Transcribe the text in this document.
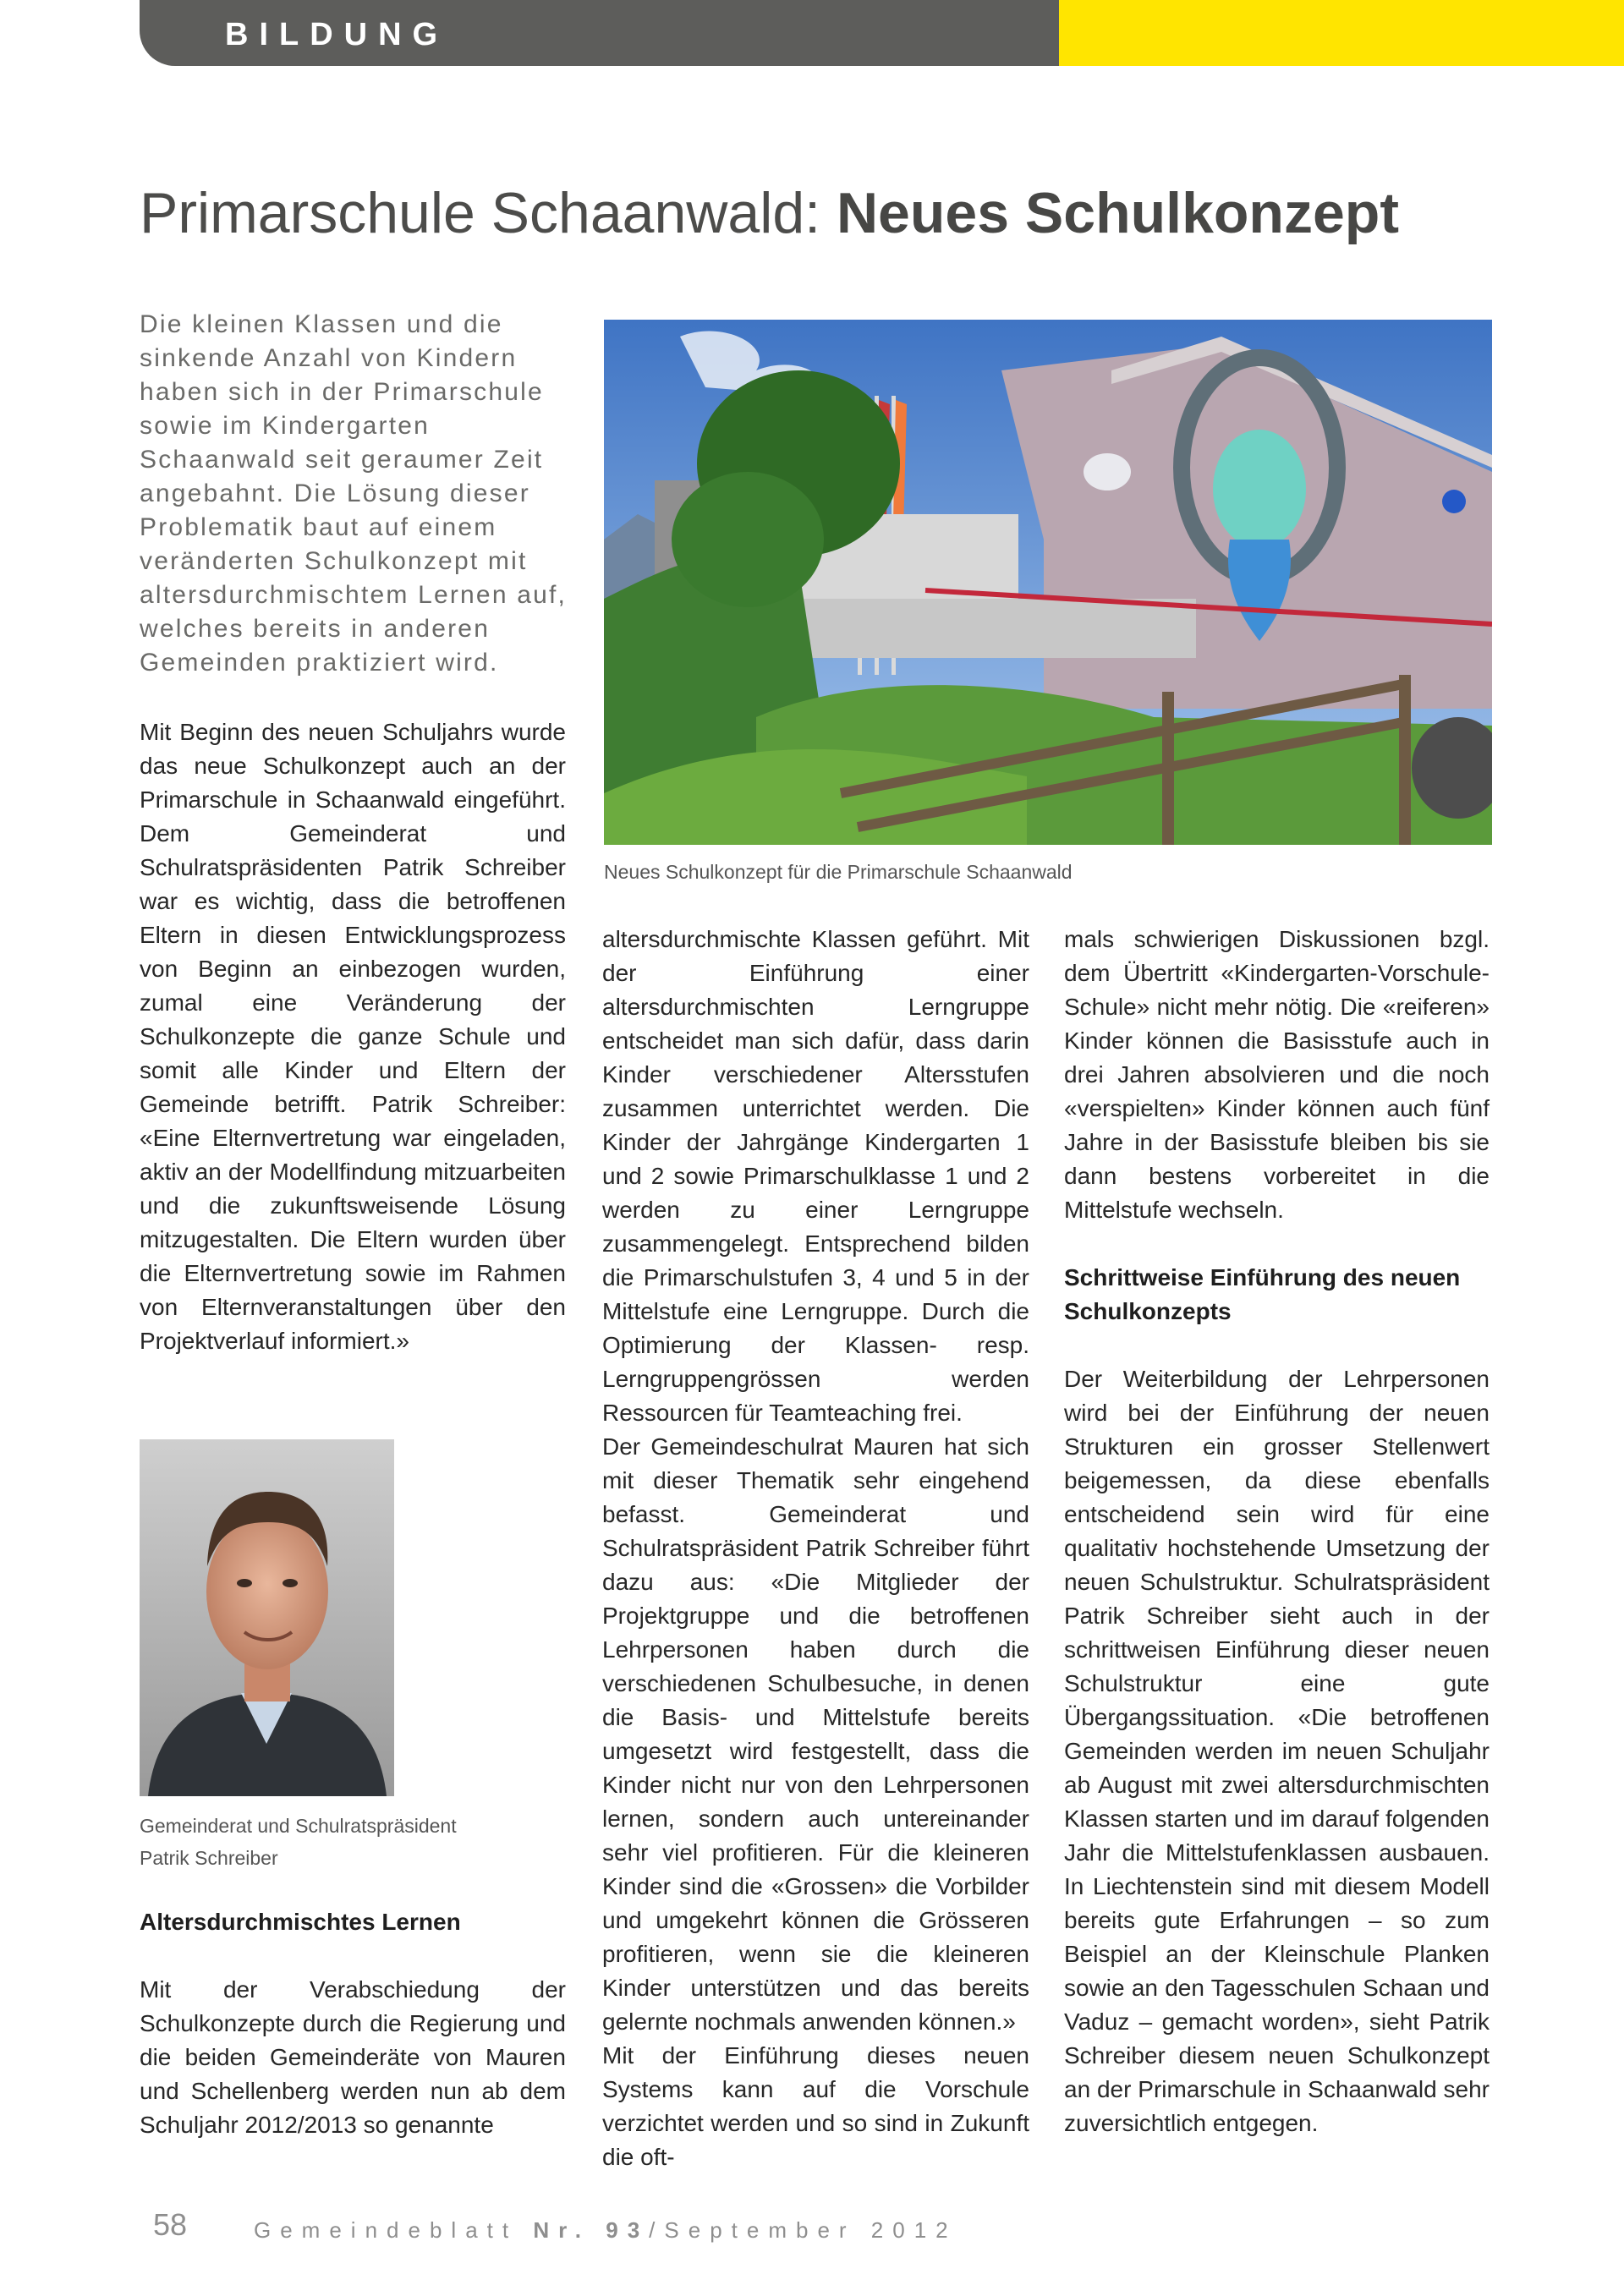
BILDUNG
Primarschule Schaanwald: Neues Schulkonzept
Die kleinen Klassen und die sinkende Anzahl von Kindern haben sich in der Primarschule sowie im Kindergarten Schaanwald seit geraumer Zeit angebahnt. Die Lösung dieser Problematik baut auf einem veränderten Schulkonzept mit altersdurchmischtem Lernen auf, welches bereits in anderen Gemeinden praktiziert wird.

Mit Beginn des neuen Schuljahrs wurde das neue Schulkonzept auch an der Primarschule in Schaanwald eingeführt. Dem Gemeinderat und Schulratspräsidenten Patrik Schreiber war es wichtig, dass die betroffenen Eltern in diesen Entwicklungsprozess von Beginn an einbezogen wurden, zumal eine Veränderung der Schulkonzepte die ganze Schule und somit alle Kinder und Eltern der Gemeinde betrifft. Patrik Schreiber: «Eine Elternvertretung war eingeladen, aktiv an der Modellfindung mitzuarbeiten und die zukunftsweisende Lösung mitzugestalten. Die Eltern wurden über die Elternvertretung sowie im Rahmen von Elternveranstaltungen über den Projektverlauf informiert.»

Gemeinderat und Schulratspräsident
Patrik Schreiber
Altersdurchmischtes Lernen

Mit der Verabschiedung der Schulkonzepte durch die Regierung und die beiden Gemeinderäte von Mauren und Schellenberg werden nun ab dem Schuljahr 2012/2013 so genannte

Neues Schulkonzept für die Primarschule Schaanwald

altersdurchmischte Klassen geführt. Mit der Einführung einer altersdurchmischten Lerngruppe entscheidet man sich dafür, dass darin Kinder verschiedener Altersstufen zusammen unterrichtet werden. Die Kinder der Jahrgänge Kindergarten 1 und 2 sowie Primarschulklasse 1 und 2 werden zu einer Lerngruppe zusammengelegt. Entsprechend bilden die Primarschulstufen 3, 4 und 5 in der Mittelstufe eine Lerngruppe. Durch die Optimierung der Klassen- resp. Lerngruppengrössen werden Ressourcen für Teamteaching frei.

Der Gemeindeschulrat Mauren hat sich mit dieser Thematik sehr eingehend befasst. Gemeinderat und Schulratspräsident Patrik Schreiber führt dazu aus: «Die Mitglieder der Projektgruppe und die betroffenen Lehrpersonen haben durch die verschiedenen Schulbesuche, in denen die Basis- und Mittelstufe bereits umgesetzt wird festgestellt, dass die Kinder nicht nur von den Lehrpersonen lernen, sondern auch untereinander sehr viel profitieren. Für die kleineren Kinder sind die «Grossen» die Vorbilder und umgekehrt können die Grösseren profitieren, wenn sie die kleineren Kinder unterstützen und das bereits gelernte nochmals anwenden können.»

Mit der Einführung dieses neuen Systems kann auf die Vorschule verzichtet werden und so sind in Zukunft die oft-

mals schwierigen Diskussionen bzgl. dem Übertritt «Kindergarten-Vorschule-Schule» nicht mehr nötig. Die «reiferen» Kinder können die Basisstufe auch in drei Jahren absolvieren und die noch «verspielten» Kinder können auch fünf Jahre in der Basisstufe bleiben bis sie dann bestens vorbereitet in die Mittelstufe wechseln.

Schrittweise Einführung des neuen Schulkonzepts

Der Weiterbildung der Lehrpersonen wird bei der Einführung der neuen Strukturen ein grosser Stellenwert beigemessen, da diese ebenfalls entscheidend sein wird für eine qualitativ hochstehende Umsetzung der neuen Schulstruktur. Schulratspräsident Patrik Schreiber sieht auch in der schrittweisen Einführung dieser neuen Schulstruktur eine gute Übergangssituation. «Die betroffenen Gemeinden werden im neuen Schuljahr ab August mit zwei altersdurchmischten Klassen starten und im darauf folgenden Jahr die Mittelstufenklassen ausbauen. In Liechtenstein sind mit diesem Modell bereits gute Erfahrungen – so zum Beispiel an der Kleinschule Planken sowie an den Tagesschulen Schaan und Vaduz – gemacht worden», sieht Patrik Schreiber diesem neuen Schulkonzept an der Primarschule in Schaanwald sehr zuversichtlich entgegen.

58	Gemeindeblatt Nr. 93/September 2012
